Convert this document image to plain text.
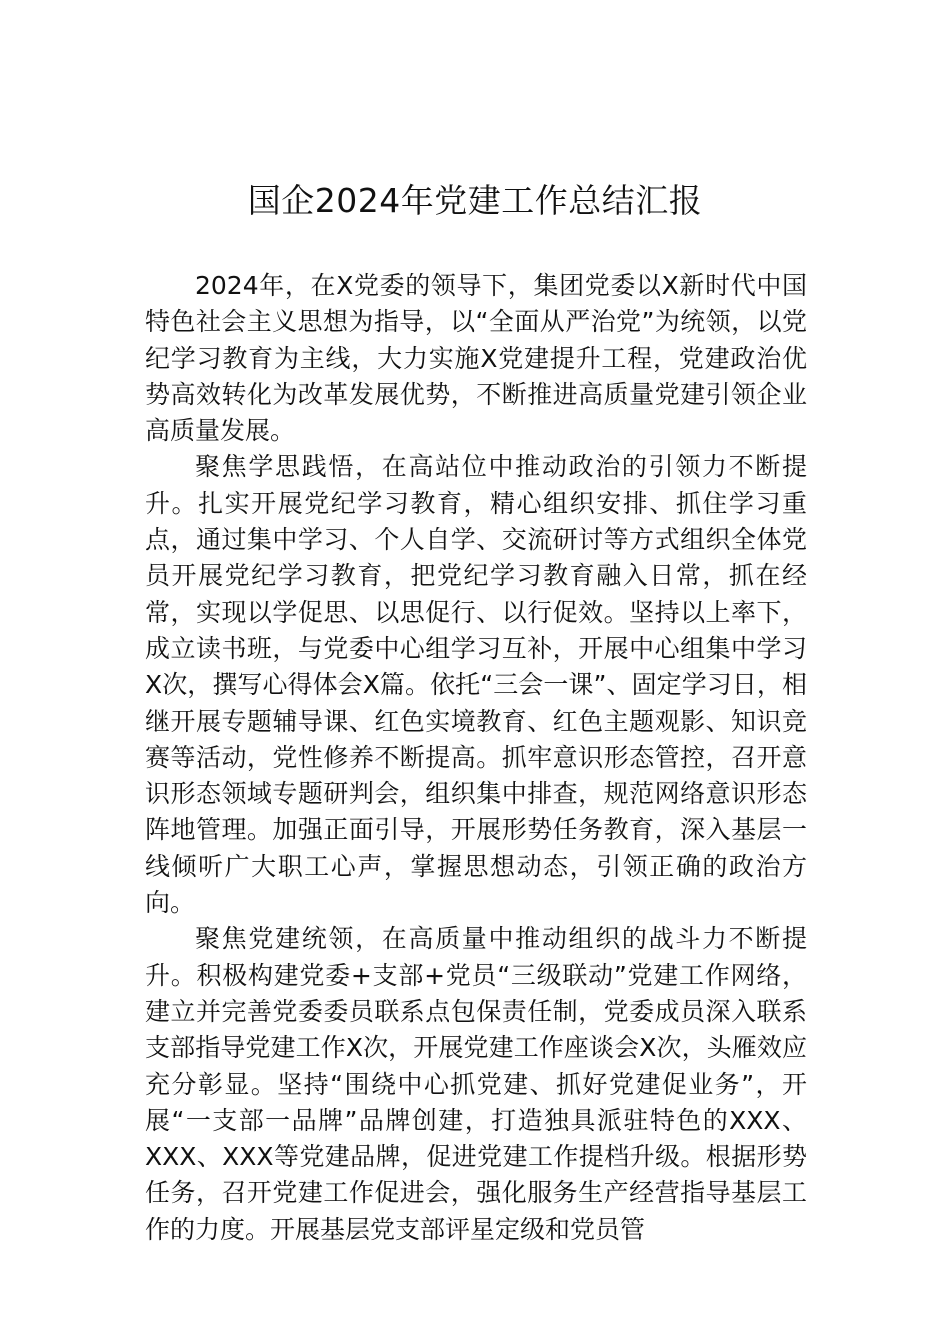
国企2024年党建工作总结汇报

2024年，在X党委的领导下，集团党委以X新时代中国特色社会主义思想为指导，以“全面从严治党”为统领，以党纪学习教育为主线，大力实施X党建提升工程，党建政治优势高效转化为改革发展优势，不断推进高质量党建引领企业高质量发展。

聚焦学思践悟，在高站位中推动政治的引领力不断提升。扎实开展党纪学习教育，精心组织安排、抓住学习重点，通过集中学习、个人自学、交流研讨等方式组织全体党员开展党纪学习教育，把党纪学习教育融入日常，抓在经常，实现以学促思、以思促行、以行促效。坚持以上率下，成立读书班，与党委中心组学习互补，开展中心组集中学习X次，撰写心得体会X篇。依托“三会一课”、固定学习日，相继开展专题辅导课、红色实境教育、红色主题观影、知识竞赛等活动，党性修养不断提高。抓牢意识形态管控，召开意识形态领域专题研判会，组织集中排查，规范网络意识形态阵地管理。加强正面引导，开展形势任务教育，深入基层一线倾听广大职工心声，掌握思想动态，引领正确的政治方向。

聚焦党建统领，在高质量中推动组织的战斗力不断提升。积极构建党委+支部+党员“三级联动”党建工作网络，建立并完善党委委员联系点包保责任制，党委成员深入联系支部指导党建工作X次，开展党建工作座谈会X次，头雁效应充分彰显。坚持“围绕中心抓党建、抓好党建促业务”，开展“一支部一品牌”品牌创建，打造独具派驻特色的XXX、XXX、XXX等党建品牌，促进党建工作提档升级。根据形势任务，召开党建工作促进会，强化服务生产经营指导基层工作的力度。开展基层党支部评星定级和党员管
